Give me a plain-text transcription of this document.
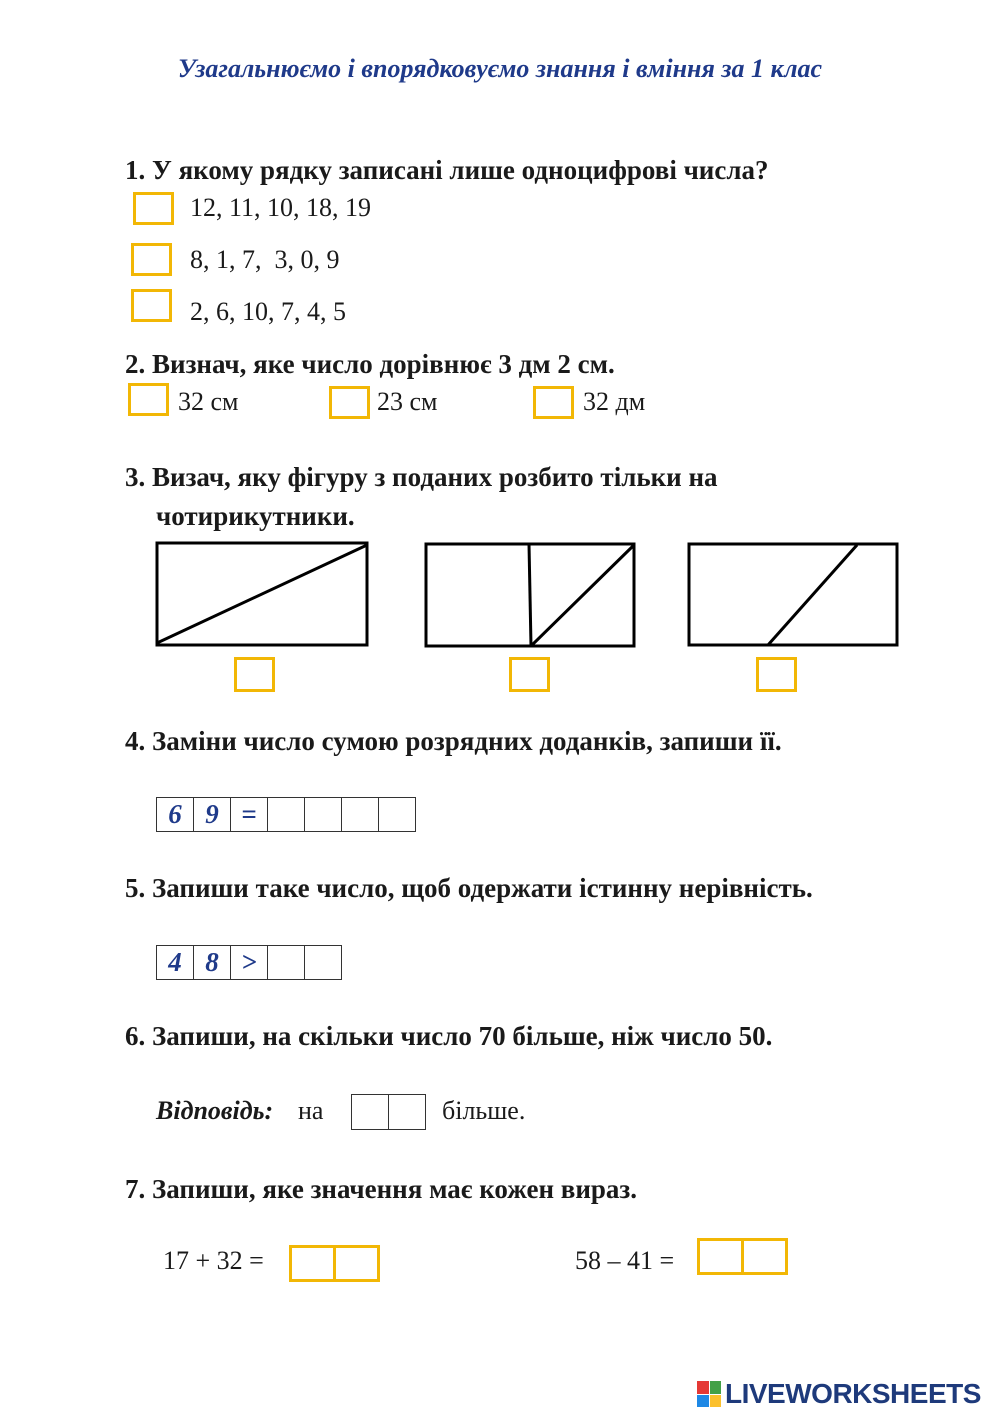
Узагальнюємо і впорядковуємо знання і вміння за 1 клас
1. У якому рядку записані лише одноцифрові числа?
12, 11, 10, 18, 19
8, 1, 7,  3, 0, 9
2, 6, 10, 7, 4, 5
2. Визнач, яке число дорівнює 3 дм 2 см.
32 см	23 см	32 дм
3. Визач, яку фігуру з поданих розбито тільки на
чотирикутники.
4. Заміни число сумою розрядних доданків, запиши її.
6 9 =
5. Запиши таке число, щоб одержати істинну нерівність.
4 8 >
6. Запиши, на скільки число 70 більше, ніж число 50.
Відповідь: на	більше.
7. Запиши, яке значення має кожен вираз.
17 + 32 =	58 – 41 =
LIVEWORKSHEETS
